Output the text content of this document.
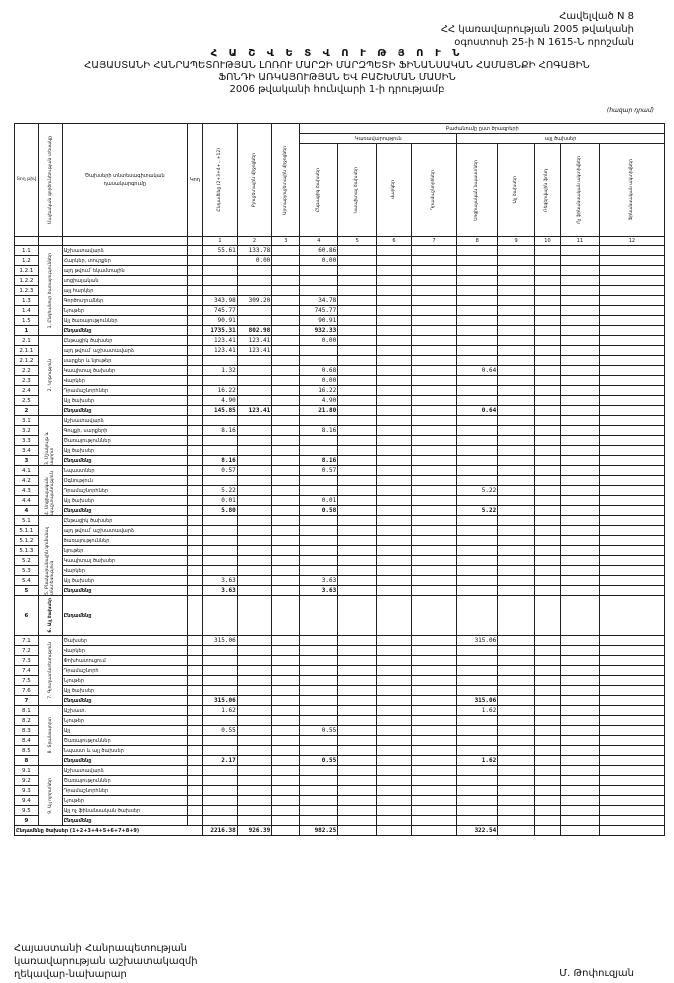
Հավելված N 8
ՀՀ կառավարության 2005 թվականի
օգոստոսի 25-ի N 1615-Ն որոշման
Հ Ա Շ Վ Ե Տ Վ Ո Ւ Թ Յ Ո Ւ Ն
ՀԱՅԱՍՏԱՆԻ ՀԱՆՐԱՊԵՏՈՒԹՅԱՆ ԼՈՌՈՒ ՄԱՐԶԻ ՄԱՐԶՊԵՏԻ ՖԻՆԱՆՍԱԿԱՆ ՀԱՄԱՅՆՔԻ ՀՈԳԱՅԻՆ
ՖՈՆԴԻ ԱՌԿԱՅՈՒԹՅԱՆ ԵՎ ԲԱՇԽՄԱՆ ՄԱՍԻՆ
2006 թվականի հունվարի 1-ի դրությամբ
(հազար դրամ)
Տող թիվ	Մալեական գործունեության տեսակը	Ծախսերի տնտեսագիտական դասակարգումը	Կոդ	Ընդամենը (2+3+4+...+12)	Բյուջետային միջոցներ	Արտաբյուջետային միջոցներ	Բաժանումը ըստ ծրագրերի								
							Կառավարություն				այլ ծախսեր				

							Ընթացիկ ծախսեր	Կապիտալ ծախսեր	Վարկեր	Դրամաշնորհներ	Սոցիալական նպաստներ	Այլ ծախսեր	Ռեզերվային ֆոնդ	Ոչ ֆինանսական ակտիվներ	Ֆինանսական ակտիվներ

				1	2	3	4	5	6	7	8	9	10	11	12
1.1	1. Ընդհանուր ծառայություններ	Աշխատավարձ		55.61	133.78		60.86								
1.2		Հարկեր, տուրքեր			0.00		0.00								
1.2.1		այդ թվում՝ եկամտային													
1.2.2		սոցիալական													
1.2.3		այլ հարկեր													
1.3		Գործուղումներ		343.98	309.20		34.78								
1.4		Նյութեր		745.77			745.77								
1.5		Այլ ծառայություններ		90.91			90.91								
1		Ընդամենը		1735.31	802.98		932.33								
2.1	2. Կրթություն	Ընթացիկ ծախսեր		123.41	123.41		0.00								
2.1.1		այդ թվում՝ աշխատավարձ		123.41	123.41										
2.1.2		սարքեր և նյութեր													
2.2		Կապիտալ ծախսեր		1.32			0.68				0.64				
2.3		Վարկեր					0.00								
2.4		Դրամաշնորհներ		16.22			16.22								
2.5		Այլ ծախսեր		4.90			4.90								
2		Ընդամենը		145.85	123.41		21.80				0.64				
3.1	3. Մշակույթ և սպորտ	Աշխատավարձ													
3.2		Գույքի, սարքերի		8.16			8.16								
3.3		Ծառայություններ													
3.4		Այլ ծախսեր													
3		Ընդամենը		8.16			8.16								
4.1	4. Սոցիալական պաշտպանություն	Նպաստներ		0.57			0.57								
4.2		Օգնություն													
4.3		Դրամաշնորհներ		5.22							5.22				
4.4		Այլ ծախսեր		0.01			0.01								
4		Ընդամենը		5.80			0.58				5.22				
5.1	5. Բնակարանային կոմունալ տնտեսություն	Ընթացիկ ծախսեր													
5.1.1		այդ թվում՝ աշխատավարձ													
5.1.2		ծառայություններ													
5.1.3		նյութեր													
5.2		Կապիտալ ծախսեր													
5.3		Վարկեր													
5.4		Այլ ծախսեր		3.63			3.63								
5		Ընդամենը		3.63			3.63								
6	6. Այլ ծախսեր	Ընդամենը													
7.1	7. Գյուղատնտեսություն	Ծախսեր		315.06							315.06				
7.2		Վարկեր													
7.3		Փոխհատուցում													
7.4		Դրամաշնորհ													
7.5		Նյութեր													
7.6		Այլ ծախսեր													
7		Ընդամենը		315.06							315.06				
8.1	8. Տրանսպորտ	Աշխատ.		1.62							1.62				
8.2		Նյութեր													
8.3		Այլ		0.55			0.55								
8.4		Ծառայություններ													
8.5		Նպաստ և այլ ծախսեր													
8		Ընդամենը		2.17			0.55				1.62				
9.1	9. Այլ ոլորտներ	Աշխատավարձ													
9.2		Ծառայություններ													
9.3		Դրամաշնորհներ													
9.4		Նյութեր													
9.5		Այլ ոչ ֆինանսական ծախսեր													
9		Ընդամենը													
Ընդամենը ծախսեր (1+2+3+4+5+6+7+8+9)				2216.38	926.39		982.25				322.54				
Հայաստանի Հանրապետության
կառավարության աշխատակազմի
ղեկավար-նախարար	Մ. Թոփուզյան
